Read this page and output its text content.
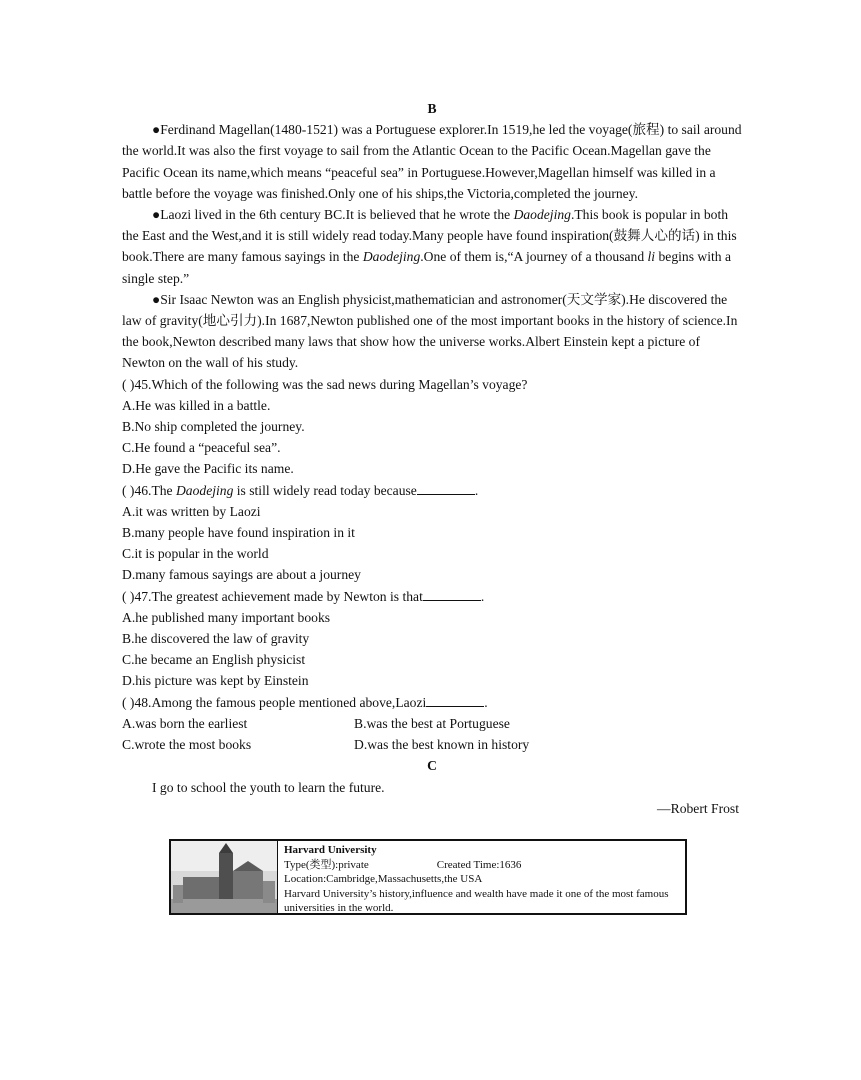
B
●Ferdinand Magellan(1480-1521) was a Portuguese explorer.In 1519,he led the voyage(旅程) to sail around the world.It was also the first voyage to sail from the Atlantic Ocean to the Pacific Ocean.Magellan gave the Pacific Ocean its name,which means “peaceful sea” in Portuguese.However,Magellan himself was killed in a battle before the voyage was finished.Only one of his ships,the Victoria,completed the journey.
●Laozi lived in the 6th century BC.It is believed that he wrote the Daodejing.This book is popular in both the East and the West,and it is still widely read today.Many people have found inspiration(鼓舞人心的话) in this book.There are many famous sayings in the Daodejing.One of them is,“A journey of a thousand li begins with a single step.”
●Sir Isaac Newton was an English physicist,mathematician and astronomer(天文学家).He discovered the law of gravity(地心引力).In 1687,Newton published one of the most important books in the history of science.In the book,Newton described many laws that show how the universe works.Albert Einstein kept a picture of Newton on the wall of his study.
( )45.Which of the following was the sad news during Magellan’s voyage?
A.He was killed in a battle.
B.No ship completed the journey.
C.He found a “peaceful sea”.
D.He gave the Pacific its name.
( )46.The Daodejing is still widely read today because	.
A.it was written by Laozi
B.many people have found inspiration in it
C.it is popular in the world
D.many famous sayings are about a journey
( )47.The greatest achievement made by Newton is that	.
A.he published many important books
B.he discovered the law of gravity
C.he became an English physicist
D.his picture was kept by Einstein
( )48.Among the famous people mentioned above,Laozi	.
A.was born the earliest	B.was the best at Portuguese
C.wrote the most books	D.was the best known in history
C
I go to school the youth to learn the future.
—Robert Frost
Harvard University
Type(类型):private	Created Time:1636
Location:Cambridge,Massachusetts,the USA
Harvard University’s history,influence and wealth have made it one of the most famous universities in the world.
